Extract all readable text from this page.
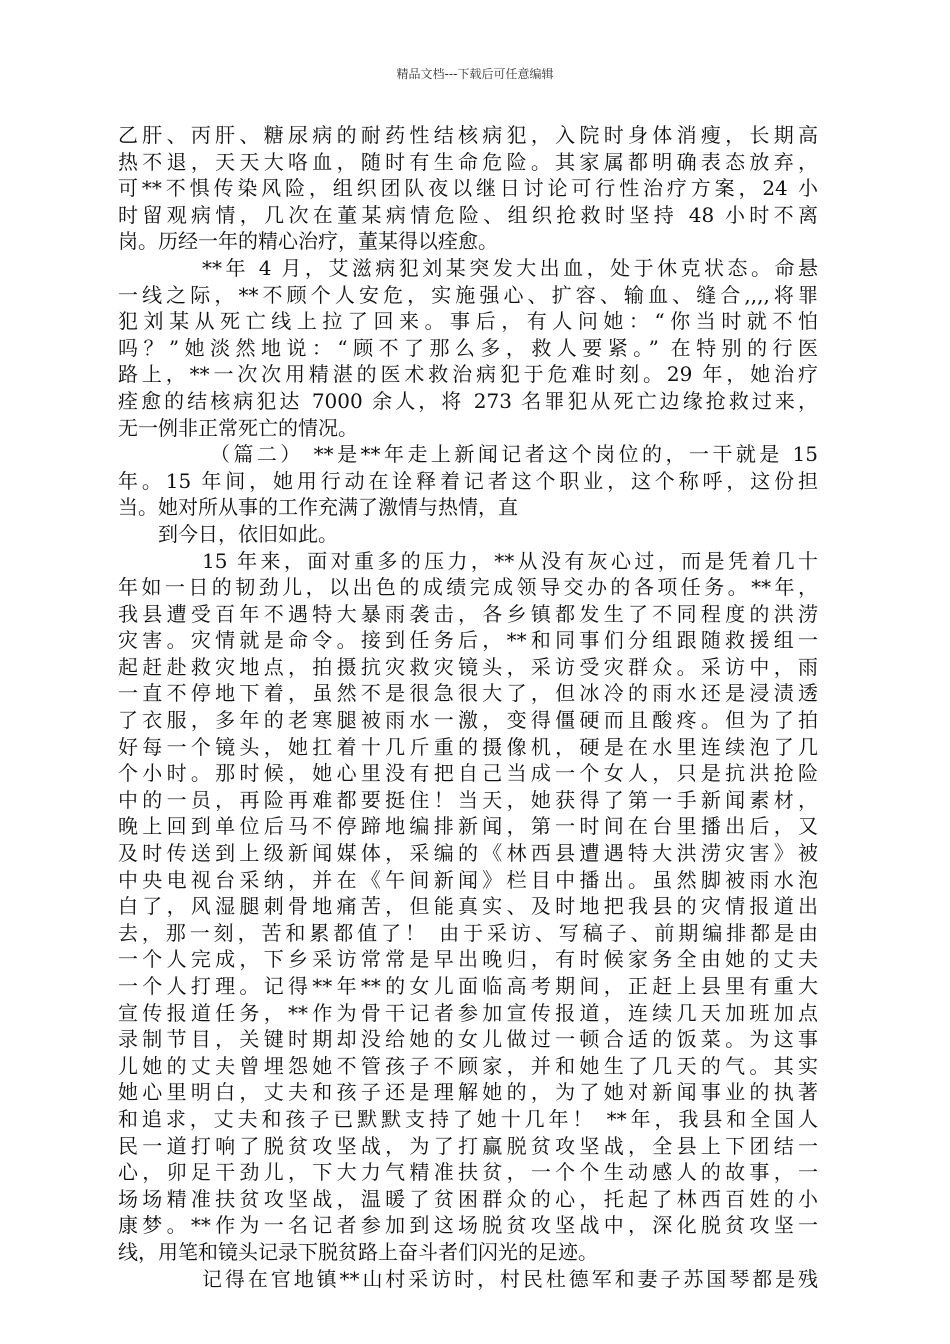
精品文档---下载后可任意编辑
乙肝、丙肝、糖尿病的耐药性结核病犯，入院时身体消瘦，长期高
热不退，天天大咯血，随时有生命危险。其家属都明确表态放弃，
可**不惧传染风险，组织团队夜以继日讨论可行性治疗方案，24 小
时留观病情，几次在董某病情危险、组织抢救时坚持 48 小时不离
岗。历经一年的精心治疗，董某得以痊愈。
**年 4 月，艾滋病犯刘某突发大出血，处于休克状态。命悬
一线之际，**不顾个人安危，实施强心、扩容、输血、缝合,,,,将罪
犯刘某从死亡线上拉了回来。事后，有人问她：“你当时就不怕
吗？”她淡然地说：“顾不了那么多，救人要紧。” 在特别的行医
路上，**一次次用精湛的医术救治病犯于危难时刻。29 年，她治疗
痊愈的结核病犯达 7000 余人，将 273 名罪犯从死亡边缘抢救过来，
无一例非正常死亡的情况。
（篇二） **是**年走上新闻记者这个岗位的，一干就是 15
年。15 年间，她用行动在诠释着记者这个职业，这个称呼，这份担
当。她对所从事的工作充满了激情与热情，直
到今日，依旧如此。
15 年来，面对重多的压力，**从没有灰心过，而是凭着几十
年如一日的韧劲儿，以出色的成绩完成领导交办的各项任务。**年，
我县遭受百年不遇特大暴雨袭击，各乡镇都发生了不同程度的洪涝
灾害。灾情就是命令。接到任务后，**和同事们分组跟随救援组一
起赶赴救灾地点，拍摄抗灾救灾镜头，采访受灾群众。采访中，雨
一直不停地下着，虽然不是很急很大了，但冰冷的雨水还是浸渍透
了衣服，多年的老寒腿被雨水一激，变得僵硬而且酸疼。但为了拍
好每一个镜头，她扛着十几斤重的摄像机，硬是在水里连续泡了几
个小时。那时候，她心里没有把自己当成一个女人，只是抗洪抢险
中的一员，再险再难都要挺住！当天，她获得了第一手新闻素材，
晚上回到单位后马不停蹄地编排新闻，第一时间在台里播出后，又
及时传送到上级新闻媒体，采编的《林西县遭遇特大洪涝灾害》被
中央电视台采纳，并在《午间新闻》栏目中播出。虽然脚被雨水泡
白了，风湿腿刺骨地痛苦，但能真实、及时地把我县的灾情报道出
去，那一刻，苦和累都值了！ 由于采访、写稿子、前期编排都是由
一个人完成，下乡采访常常是早出晚归，有时候家务全由她的丈夫
一个人打理。记得**年**的女儿面临高考期间，正赶上县里有重大
宣传报道任务，**作为骨干记者参加宣传报道，连续几天加班加点
录制节目，关键时期却没给她的女儿做过一顿合适的饭菜。为这事
儿她的丈夫曾埋怨她不管孩子不顾家，并和她生了几天的气。其实
她心里明白，丈夫和孩子还是理解她的，为了她对新闻事业的执著
和追求，丈夫和孩子已默默支持了她十几年！ **年，我县和全国人
民一道打响了脱贫攻坚战，为了打赢脱贫攻坚战，全县上下团结一
心，卯足干劲儿，下大力气精准扶贫，一个个生动感人的故事，一
场场精准扶贫攻坚战，温暖了贫困群众的心，托起了林西百姓的小
康梦。**作为一名记者参加到这场脱贫攻坚战中，深化脱贫攻坚一
线，用笔和镜头记录下脱贫路上奋斗者们闪光的足迹。
记得在官地镇**山村采访时，村民杜德军和妻子苏国琴都是残
